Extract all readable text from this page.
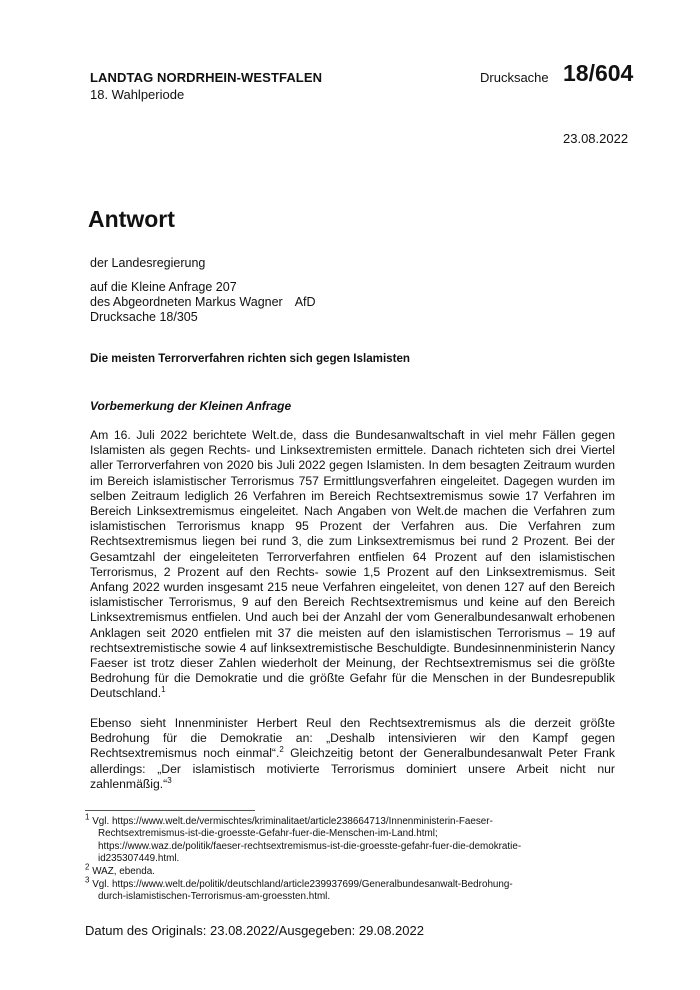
LANDTAG NORDRHEIN-WESTFALEN
18. Wahlperiode
Drucksache 18/604
23.08.2022
Antwort
der Landesregierung
auf die Kleine Anfrage 207
des Abgeordneten Markus Wagner AfD
Drucksache 18/305
Die meisten Terrorverfahren richten sich gegen Islamisten
Vorbemerkung der Kleinen Anfrage
Am 16. Juli 2022 berichtete Welt.de, dass die Bundesanwaltschaft in viel mehr Fällen gegen Islamisten als gegen Rechts- und Linksextremisten ermittele. Danach richteten sich drei Viertel aller Terrorverfahren von 2020 bis Juli 2022 gegen Islamisten. In dem besagten Zeitraum wurden im Bereich islamistischer Terrorismus 757 Ermittlungsverfahren eingeleitet. Dagegen wurden im selben Zeitraum lediglich 26 Verfahren im Bereich Rechtsextremismus sowie 17 Verfahren im Bereich Linksextremismus eingeleitet. Nach Angaben von Welt.de machen die Verfahren zum islamistischen Terrorismus knapp 95 Prozent der Verfahren aus. Die Verfahren zum Rechtsextremismus liegen bei rund 3, die zum Linksextremismus bei rund 2 Prozent. Bei der Gesamtzahl der eingeleiteten Terrorverfahren entfielen 64 Prozent auf den islamistischen Terrorismus, 2 Prozent auf den Rechts- sowie 1,5 Prozent auf den Linksextremismus. Seit Anfang 2022 wurden insgesamt 215 neue Verfahren eingeleitet, von denen 127 auf den Bereich islamistischer Terrorismus, 9 auf den Bereich Rechtsextremismus und keine auf den Bereich Linksextremismus entfielen. Und auch bei der Anzahl der vom Generalbundesanwalt erhobenen Anklagen seit 2020 entfielen mit 37 die meisten auf den islamistischen Terrorismus – 19 auf rechtsextremistische sowie 4 auf linksextremistische Beschuldigte. Bundesinnenministerin Nancy Faeser ist trotz dieser Zahlen wiederholt der Meinung, der Rechtsextremismus sei die größte Bedrohung für die Demokratie und die größte Gefahr für die Menschen in der Bundesrepublik Deutschland.$^1$
Ebenso sieht Innenminister Herbert Reul den Rechtsextremismus als die derzeit größte Bedrohung für die Demokratie an: „Deshalb intensivieren wir den Kampf gegen Rechtsextremismus noch einmal“.$^2$ Gleichzeitig betont der Generalbundesanwalt Peter Frank allerdings: „Der islamistisch motivierte Terrorismus dominiert unsere Arbeit nicht nur zahlenmäßig.“$^3$
$^1$ Vgl. https://www.welt.de/vermischtes/kriminalitaet/article238664713/Innenministerin-Faeser-
Rechtsextremismus-ist-die-groesste-Gefahr-fuer-die-Menschen-im-Land.html;
https://www.waz.de/politik/faeser-rechtsextremismus-ist-die-groesste-gefahr-fuer-die-demokratie-
id235307449.html.
$^2$ WAZ, ebenda.
$^3$ Vgl. https://www.welt.de/politik/deutschland/article239937699/Generalbundesanwalt-Bedrohung-
durch-islamistischen-Terrorismus-am-groessten.html.
Datum des Originals: 23.08.2022/Ausgegeben: 29.08.2022
